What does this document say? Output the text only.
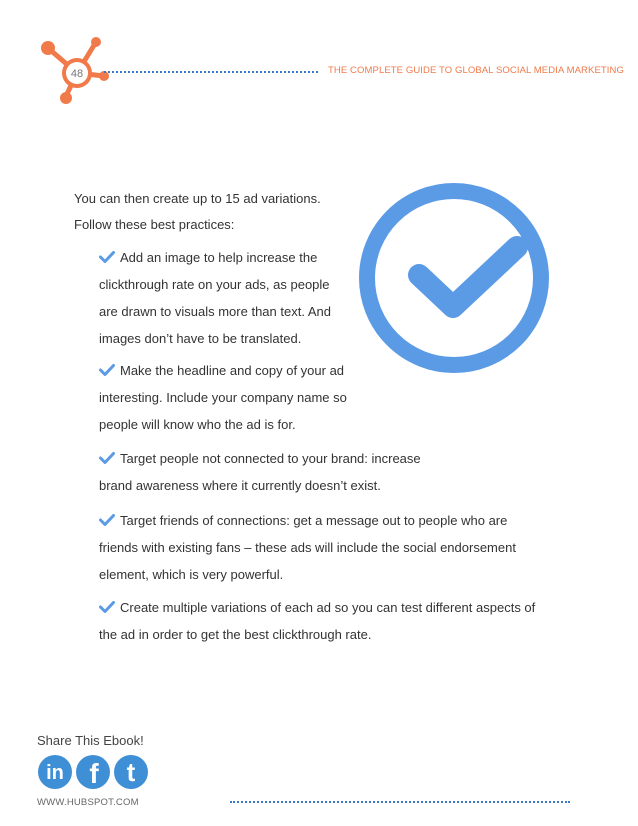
48	THE COMPLETE GUIDE TO GLOBAL SOCIAL MEDIA MARKETING
You can then create up to 15 ad variations.
Follow these best practices:
Add an image to help increase the
clickthrough rate on your ads, as people
are drawn to visuals more than text. And
images don’t have to be translated.
Make the headline and copy of your ad
interesting. Include your company name so
people will know who the ad is for.
Target people not connected to your brand: increase
brand awareness where it currently doesn’t exist.
Target friends of connections: get a message out to people who are
friends with existing fans – these ads will include the social endorsement
element, which is very powerful.
Create multiple variations of each ad so you can test different aspects of
the ad in order to get the best clickthrough rate.
Share This Ebook!
in f t
WWW.HUBSPOT.COM
